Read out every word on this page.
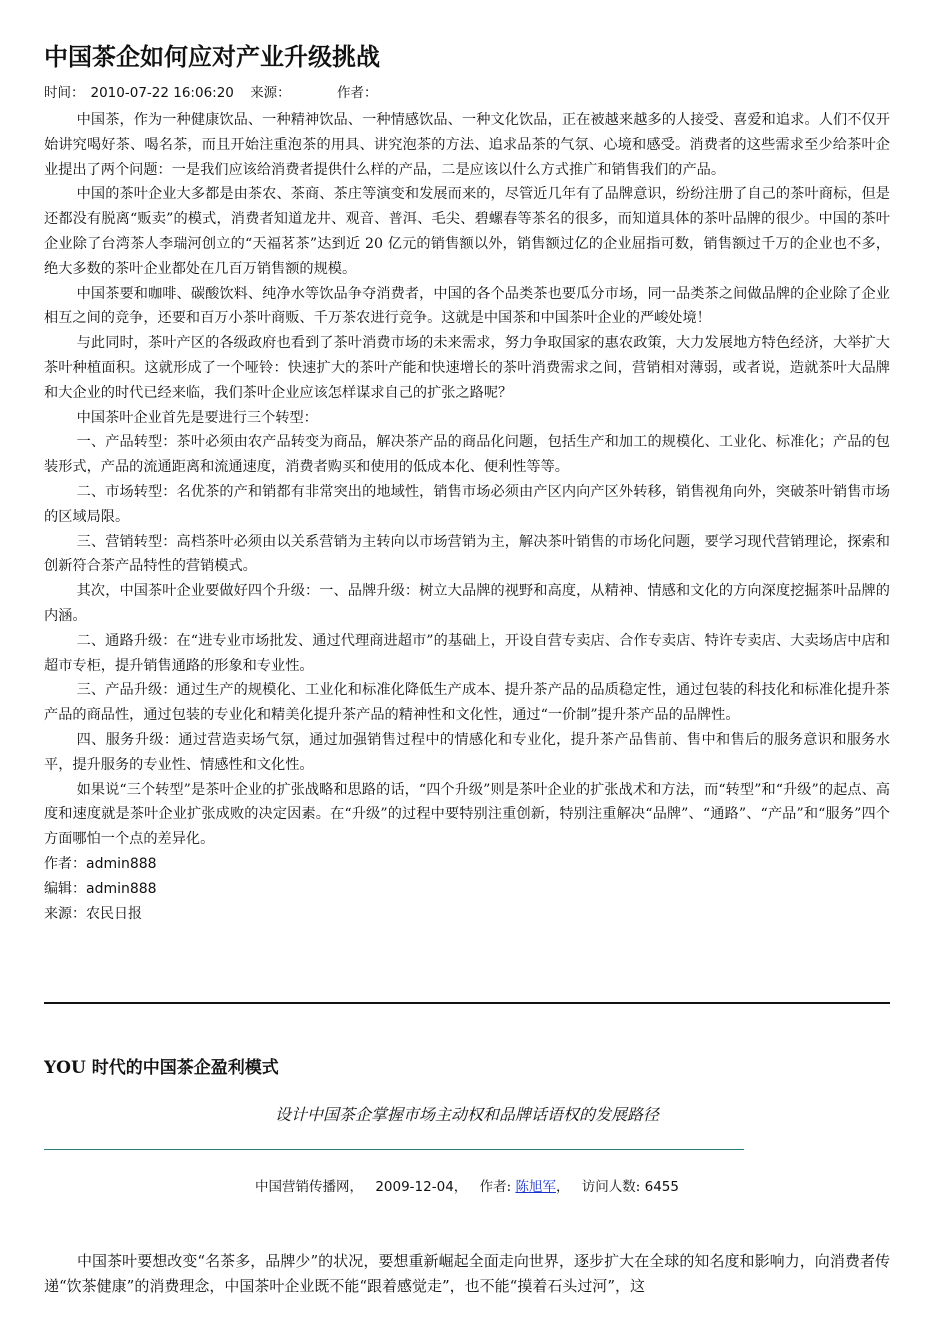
中国茶企如何应对产业升级挑战
时间： 2010-07-22 16:06:20 来源：	作者：

中国茶，作为一种健康饮品、一种精神饮品、一种情感饮品、一种文化饮品，正在被越来越多的人接受、喜爱和追求。人们不仅开始讲究喝好茶、喝名茶，而且开始注重泡茶的用具、讲究泡茶的方法、追求品茶的气氛、心境和感受。消费者的这些需求至少给茶叶企业提出了两个问题：一是我们应该给消费者提供什么样的产品，二是应该以什么方式推广和销售我们的产品。

中国的茶叶企业大多都是由茶农、茶商、茶庄等演变和发展而来的，尽管近几年有了品牌意识，纷纷注册了自己的茶叶商标，但是还都没有脱离“贩卖”的模式，消费者知道龙井、观音、普洱、毛尖、碧螺春等茶名的很多，而知道具体的茶叶品牌的很少。中国的茶叶企业除了台湾茶人李瑞河创立的“天福茗茶”达到近 20 亿元的销售额以外，销售额过亿的企业屈指可数，销售额过千万的企业也不多，绝大多数的茶叶企业都处在几百万销售额的规模。

中国茶要和咖啡、碳酸饮料、纯净水等饮品争夺消费者，中国的各个品类茶也要瓜分市场，同一品类茶之间做品牌的企业除了企业相互之间的竞争，还要和百万小茶叶商贩、千万茶农进行竞争。这就是中国茶和中国茶叶企业的严峻处境！

与此同时，茶叶产区的各级政府也看到了茶叶消费市场的未来需求，努力争取国家的惠农政策，大力发展地方特色经济，大举扩大茶叶种植面积。这就形成了一个哑铃：快速扩大的茶叶产能和快速增长的茶叶消费需求之间，营销相对薄弱，或者说，造就茶叶大品牌和大企业的时代已经来临，我们茶叶企业应该怎样谋求自己的扩张之路呢？

中国茶叶企业首先是要进行三个转型：

一、产品转型：茶叶必须由农产品转变为商品，解决茶产品的商品化问题，包括生产和加工的规模化、工业化、标准化；产品的包装形式，产品的流通距离和流通速度，消费者购买和使用的低成本化、便利性等等。

二、市场转型：名优茶的产和销都有非常突出的地域性，销售市场必须由产区内向产区外转移，销售视角向外，突破茶叶销售市场的区域局限。

三、营销转型：高档茶叶必须由以关系营销为主转向以市场营销为主，解决茶叶销售的市场化问题，要学习现代营销理论，探索和创新符合茶产品特性的营销模式。

其次，中国茶叶企业要做好四个升级：一、品牌升级：树立大品牌的视野和高度，从精神、情感和文化的方向深度挖掘茶叶品牌的内涵。

二、通路升级：在“进专业市场批发、通过代理商进超市”的基础上，开设自营专卖店、合作专卖店、特许专卖店、大卖场店中店和超市专柜，提升销售通路的形象和专业性。

三、产品升级：通过生产的规模化、工业化和标准化降低生产成本、提升茶产品的品质稳定性，通过包装的科技化和标准化提升茶产品的商品性，通过包装的专业化和精美化提升茶产品的精神性和文化性，通过“一价制”提升茶产品的品牌性。

四、服务升级：通过营造卖场气氛，通过加强销售过程中的情感化和专业化，提升茶产品售前、售中和售后的服务意识和服务水平，提升服务的专业性、情感性和文化性。

如果说“三个转型”是茶叶企业的扩张战略和思路的话，“四个升级”则是茶叶企业的扩张战术和方法，而“转型”和“升级”的起点、高度和速度就是茶叶企业扩张成败的决定因素。在“升级”的过程中要特别注重创新，特别注重解决“品牌”、“通路”、“产品”和“服务”四个方面哪怕一个点的差异化。

作者：admin888
编辑：admin888
来源：农民日报
YOU 时代的中国茶企盈利模式
设计中国茶企掌握市场主动权和品牌话语权的发展路径
中国营销传播网， 2009-12-04， 作者: 陈旭军， 访问人数: 6455

中国茶叶要想改变“名茶多，品牌少”的状况，要想重新崛起全面走向世界，逐步扩大在全球的知名度和影响力，向消费者传递“饮茶健康”的消费理念，中国茶叶企业既不能“跟着感觉走”，也不能“摸着石头过河”，这
